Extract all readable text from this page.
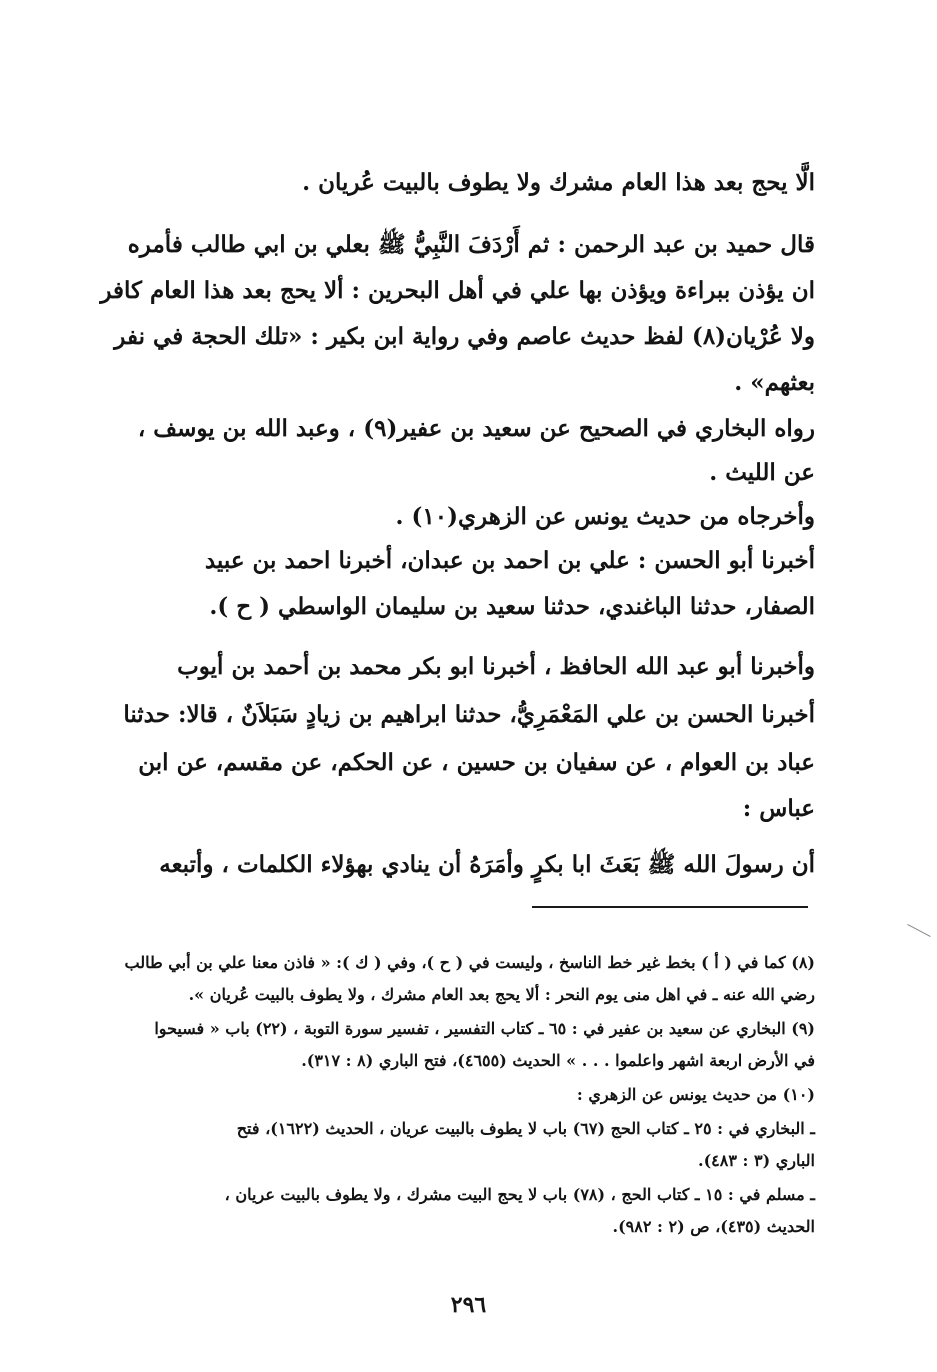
الَّا يحج بعد هذا العام مشرك ولا يطوف بالبيت عُريان .
قال حميد بن عبد الرحمن : ثم أَرْدَفَ النَّبِيُّ ﷺ بعلي بن ابي طالب فأمره
ان يؤذن ببراءة ويؤذن بها علي في أهل البحرين : ألا يحج بعد هذا العام كافر
ولا عُرْيان(٨) لفظ حديث عاصم وفي رواية ابن بكير : «تلك الحجة في نفر
بعثهم» .
رواه البخاري في الصحيح عن سعيد بن عفير(٩) ، وعبد الله بن يوسف ،
عن الليث .
وأخرجاه من حديث يونس عن الزهري(١٠) .
أخبرنا أبو الحسن : علي بن احمد بن عبدان، أخبرنا احمد بن عبيد
الصفار، حدثنا الباغندي، حدثنا سعيد بن سليمان الواسطي ( ح ).
وأخبرنا أبو عبد الله الحافظ ، أخبرنا ابو بكر محمد بن أحمد بن أيوب
أخبرنا الحسن بن علي المَعْمَرِيُّ، حدثنا ابراهيم بن زيادٍ سَبَلاَنٌ ، قالا: حدثنا
عباد بن العوام ، عن سفيان بن حسين ، عن الحكم، عن مقسم، عن ابن
عباس :
أن رسولَ الله ﷺ بَعَثَ ابا بكرٍ وأمَرَهُ أن ينادي بهؤلاء الكلمات ، وأتبعه
(٨) كما في ( أ ) بخط غير خط الناسخ ، وليست في ( ح )، وفي ( ك ): « فاذن معنا علي بن أبي طالب
رضي الله عنه ـ في اهل منى يوم النحر : ألا يحج بعد العام مشرك ، ولا يطوف بالبيت عُريان ».
(٩) البخاري عن سعيد بن عفير في : ٦٥ ـ كتاب التفسير ، تفسير سورة التوبة ، (٢٢) باب « فسيحوا
في الأرض اربعة اشهر واعلموا . . . » الحديث (٤٦٥٥)، فتح الباري (٨ : ٣١٧).
(١٠) من حديث يونس عن الزهري :
ـ البخاري في : ٢٥ ـ كتاب الحج (٦٧) باب لا يطوف بالبيت عريان ، الحديث (١٦٢٢)، فتح
الباري (٣ : ٤٨٣).
ـ مسلم في : ١٥ ـ كتاب الحج ، (٧٨) باب لا يحج البيت مشرك ، ولا يطوف بالبيت عريان ،
الحديث (٤٣٥)، ص (٢ : ٩٨٢).
٢٩٦
